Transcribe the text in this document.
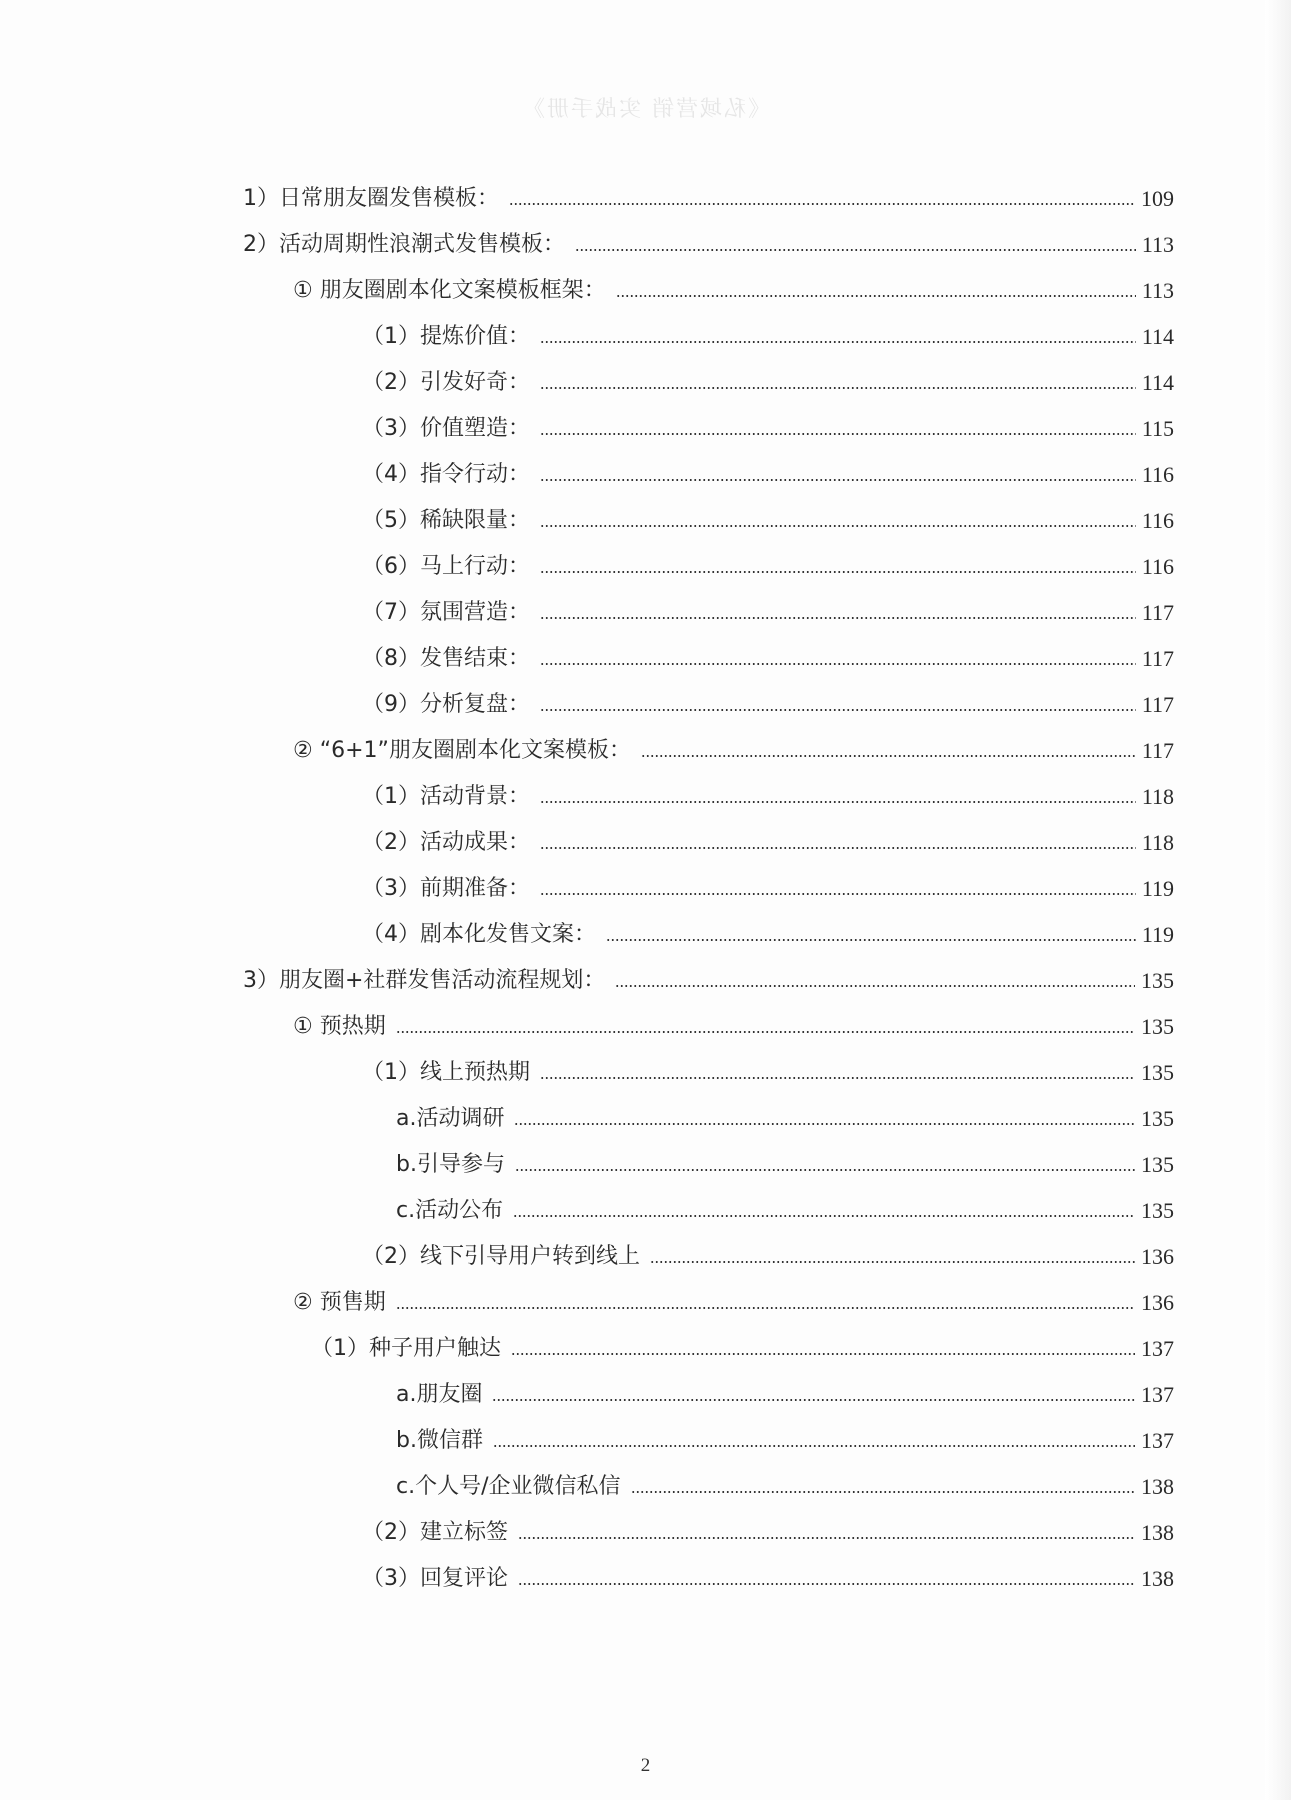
《私域营销 实战手册》
1）日常朋友圈发售模板：	109
2）活动周期性浪潮式发售模板：	113
① 朋友圈剧本化文案模板框架：	113
（1）提炼价值：	114
（2）引发好奇：	114
（3）价值塑造：	115
（4）指令行动：	116
（5）稀缺限量：	116
（6）马上行动：	116
（7）氛围营造：	117
（8）发售结束：	117
（9）分析复盘：	117
② “6+1”朋友圈剧本化文案模板：	117
（1）活动背景：	118
（2）活动成果：	118
（3）前期准备：	119
（4）剧本化发售文案：	119
3）朋友圈+社群发售活动流程规划：	135
① 预热期	135
（1）线上预热期	135
a.活动调研	135
b.引导参与	135
c.活动公布	135
（2）线下引导用户转到线上	136
② 预售期	136
（1）种子用户触达	137
a.朋友圈	137
b.微信群	137
c.个人号/企业微信私信	138
（2）建立标签	138
（3）回复评论	138
2
